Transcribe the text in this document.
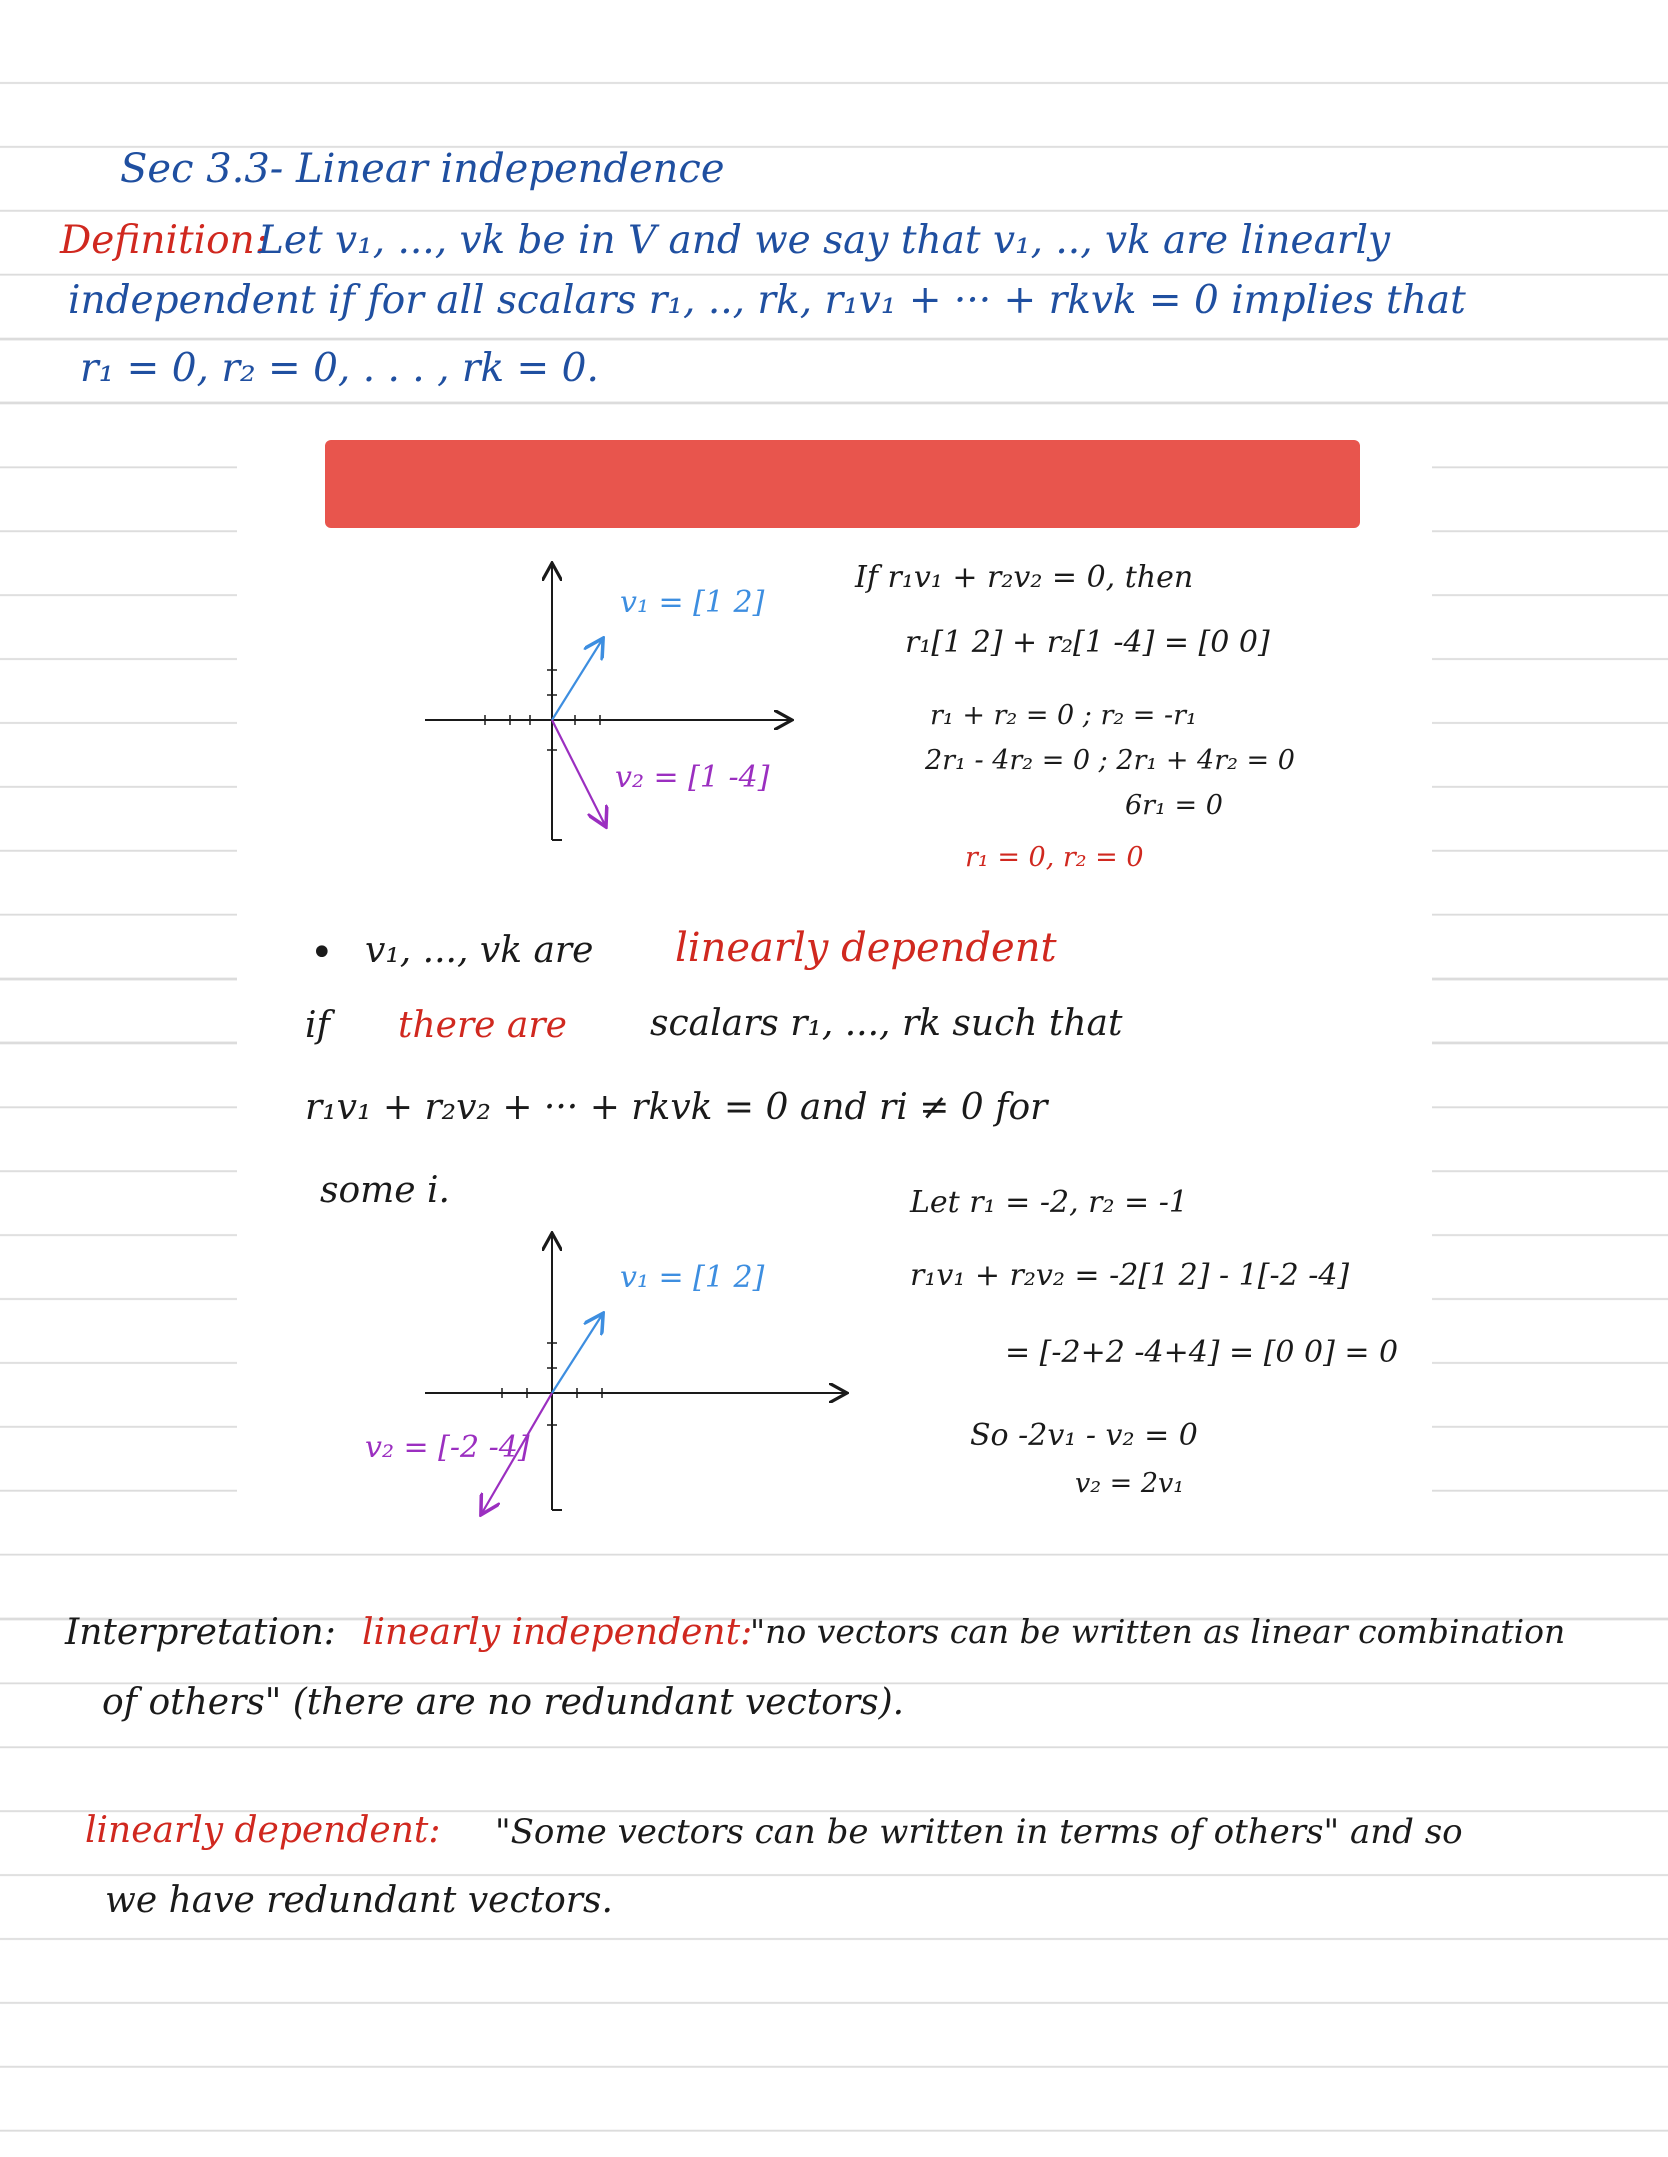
Sec 3.3- Linear independence
Definition:
Let v₁, ..., vk be in V and we say that v₁, .., vk are linearly
independent if for all scalars r₁, .., rk, r₁v₁ + ··· + rkvk = 0 implies that
r₁ = 0, r₂ = 0, . . . , rk = 0.
v₁ = [1 2]
v₂ = [1 -4]
If r₁v₁ + r₂v₂ = 0, then
r₁[1 2] + r₂[1 -4] = [0 0]
r₁ + r₂ = 0 ; r₂ = -r₁
2r₁ - 4r₂ = 0 ; 2r₁ + 4r₂ = 0
6r₁ = 0
r₁ = 0, r₂ = 0
• v₁, ..., vk are linearly dependent
if there are scalars r₁, ..., rk such that
r₁v₁ + r₂v₂ + ··· + rkvk = 0 and ri ≠ 0 for
some i.
v₁ = [1 2]
v₂ = [-2 -4]
Let r₁ = -2, r₂ = -1
r₁v₁ + r₂v₂ = -2[1 2] - 1[-2 -4]
= [-2+2 -4+4] = [0 0] = 0
So -2v₁ - v₂ = 0
v₂ = 2v₁
Interpretation: linearly independent:
"no vectors can be written as linear combination
of others" (there are no redundant vectors).
linearly dependent: "Some vectors can be written in terms of others" and so
we have redundant vectors.
